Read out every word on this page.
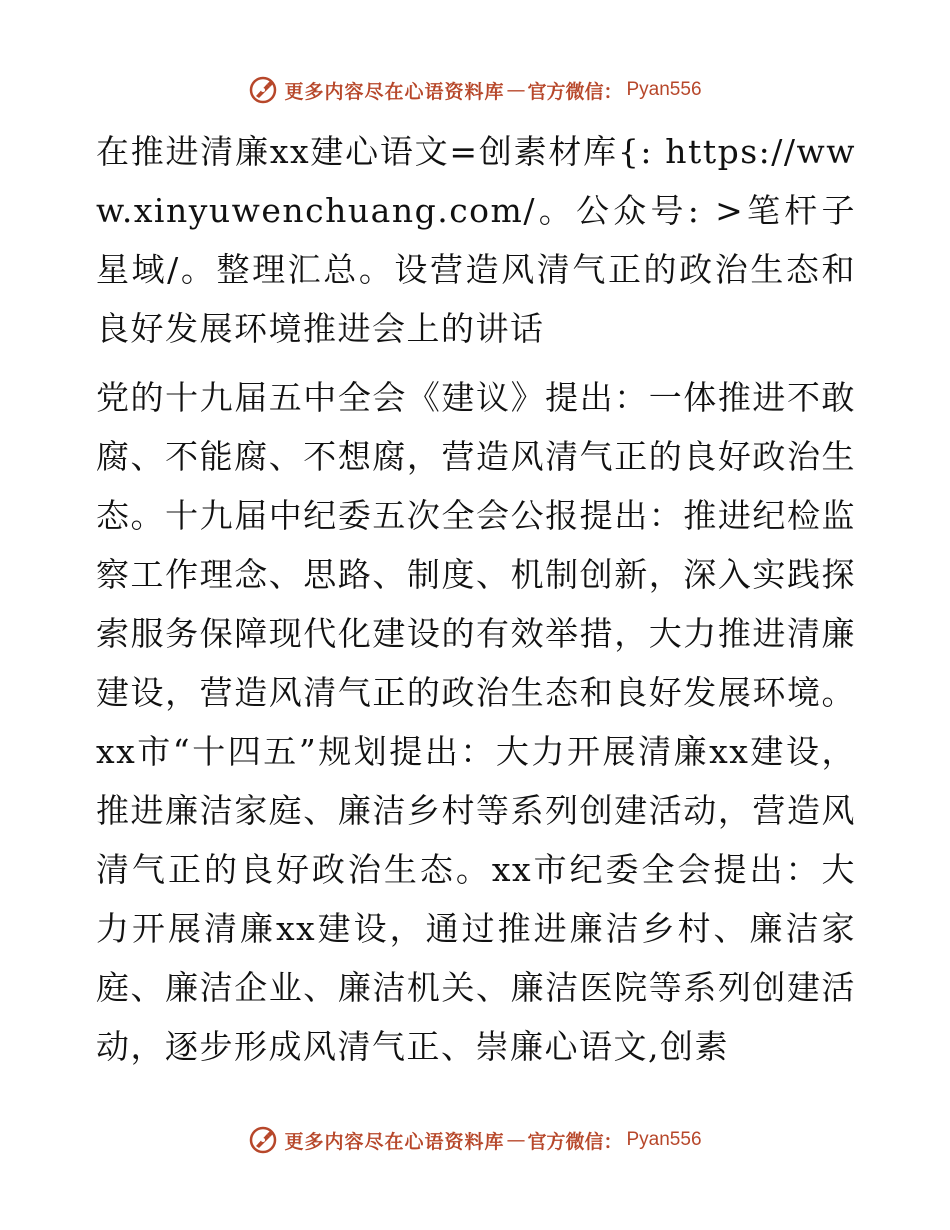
更多内容尽在心语资料库 — 官方微信： Pyan556

在推进清廉xx建心语文=创素材库{: https://www.xinyuwenchuang.com/。公众号: >笔杆子星域/。整理汇总。设营造风清气正的政治生态和良好发展环境推进会上的讲话

党的十九届五中全会《建议》提出：一体推进不敢腐、不能腐、不想腐，营造风清气正的良好政治生态。十九届中纪委五次全会公报提出：推进纪检监察工作理念、思路、制度、机制创新，深入实践探索服务保障现代化建设的有效举措，大力推进清廉建设，营造风清气正的政治生态和良好发展环境。xx市“十四五”规划提出：大力开展清廉xx建设，推进廉洁家庭、廉洁乡村等系列创建活动，营造风清气正的良好政治生态。xx市纪委全会提出：大力开展清廉xx建设，通过推进廉洁乡村、廉洁家庭、廉洁企业、廉洁机关、廉洁医院等系列创建活动，逐步形成风清气正、崇廉心语文,创素

更多内容尽在心语资料库 — 官方微信： Pyan556
